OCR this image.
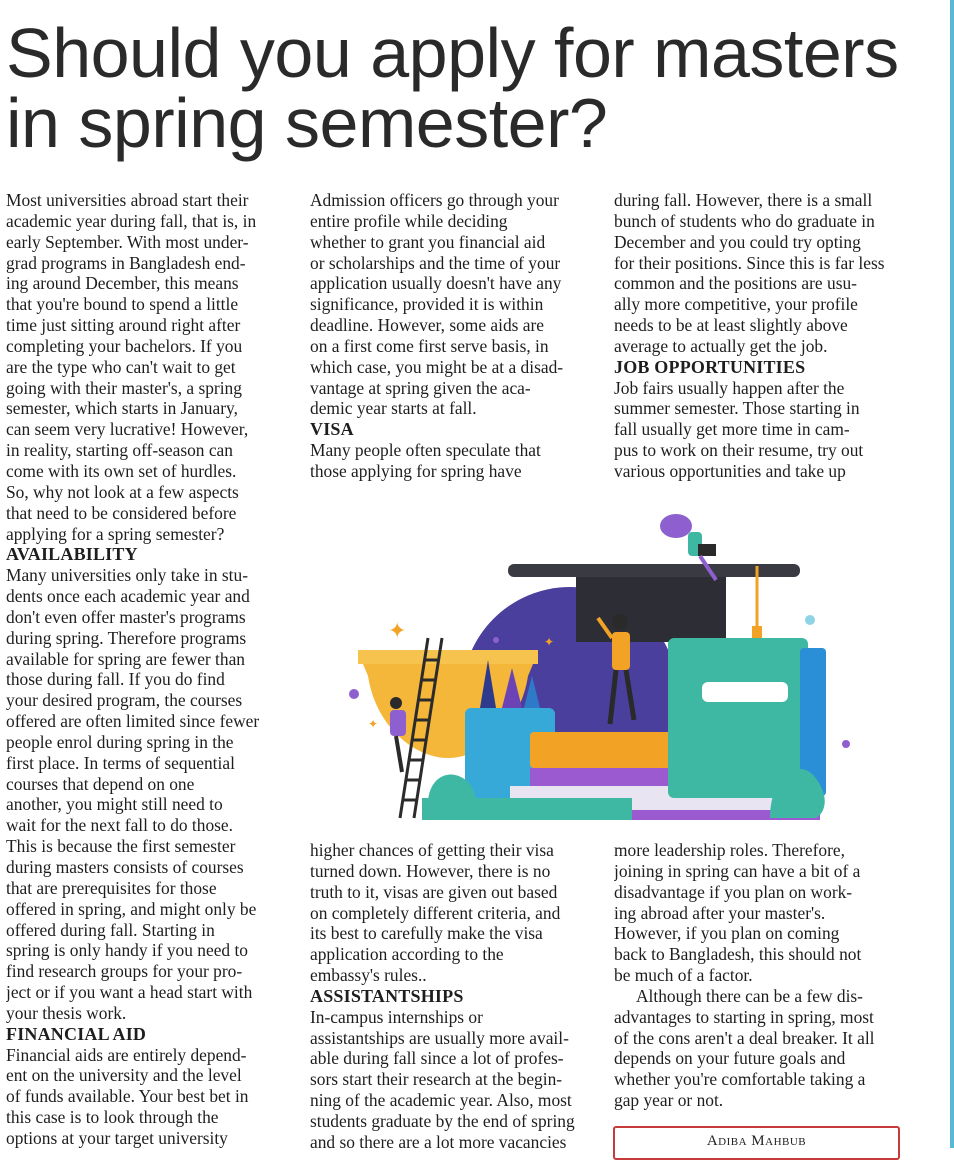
Should you apply for masters
in spring semester?

Most universities abroad start their
academic year during fall, that is, in
early September. With most under-
grad programs in Bangladesh end-
ing around December, this means
that you're bound to spend a little
time just sitting around right after
completing your bachelors. If you
are the type who can't wait to get
going with their master's, a spring
semester, which starts in January,
can seem very lucrative! However,
in reality, starting off-season can
come with its own set of hurdles.
So, why not look at a few aspects
that need to be considered before
applying for a spring semester?

AVAILABILITY

Many universities only take in stu-
dents once each academic year and
don't even offer master's programs
during spring. Therefore programs
available for spring are fewer than
those during fall. If you do find
your desired program, the courses
offered are often limited since fewer
people enrol during spring in the
first place. In terms of sequential
courses that depend on one
another, you might still need to
wait for the next fall to do those.
This is because the first semester
during masters consists of courses
that are prerequisites for those
offered in spring, and might only be
offered during fall. Starting in
spring is only handy if you need to
find research groups for your pro-
ject or if you want a head start with
your thesis work.

FINANCIAL AID

Financial aids are entirely depend-
ent on the university and the level
of funds available. Your best bet in
this case is to look through the
options at your target university

Admission officers go through your
entire profile while deciding
whether to grant you financial aid
or scholarships and the time of your
application usually doesn't have any
significance, provided it is within
deadline. However, some aids are
on a first come first serve basis, in
which case, you might be at a disad-
vantage at spring given the aca-
demic year starts at fall.

VISA

Many people often speculate that
those applying for spring have

during fall. However, there is a small
bunch of students who do graduate in
December and you could try opting
for their positions. Since this is far less
common and the positions are usu-
ally more competitive, your profile
needs to be at least slightly above
average to actually get the job.

JOB OPPORTUNITIES

Job fairs usually happen after the
summer semester. Those starting in
fall usually get more time in cam-
pus to work on their resume, try out
various opportunities and take up

✦
✦
✦

higher chances of getting their visa
turned down. However, there is no
truth to it, visas are given out based
on completely different criteria, and
its best to carefully make the visa
application according to the
embassy's rules..

ASSISTANTSHIPS

In-campus internships or
assistantships are usually more avail-
able during fall since a lot of profes-
sors start their research at the begin-
ning of the academic year. Also, most
students graduate by the end of spring
and so there are a lot more vacancies

more leadership roles. Therefore,
joining in spring can have a bit of a
disadvantage if you plan on work-
ing abroad after your master's.
However, if you plan on coming
back to Bangladesh, this should not
be much of a factor.

Although there can be a few dis-
advantages to starting in spring, most
of the cons aren't a deal breaker. It all
depends on your future goals and
whether you're comfortable taking a
gap year or not.

Adiba Mahbub
